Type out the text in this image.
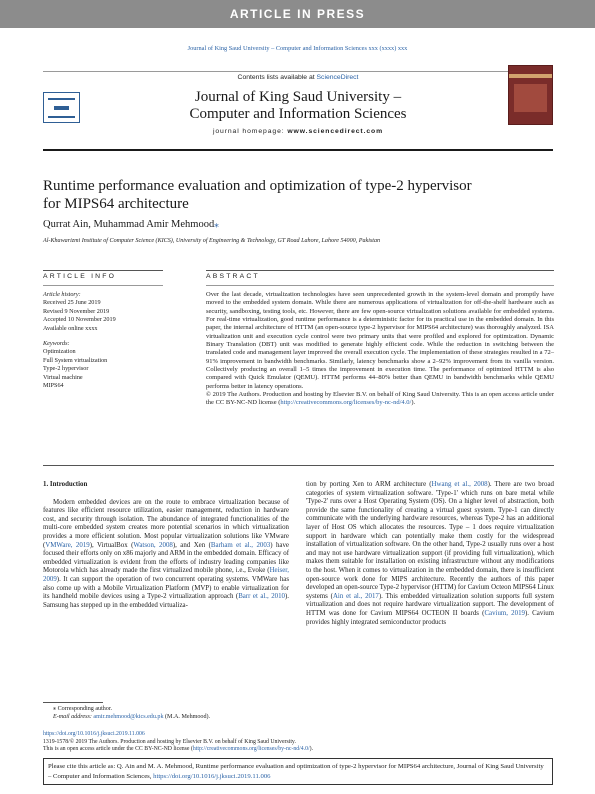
ARTICLE IN PRESS
Journal of King Saud University – Computer and Information Sciences xxx (xxxx) xxx
Contents lists available at ScienceDirect
Journal of King Saud University –
Computer and Information Sciences
journal homepage: www.sciencedirect.com
Runtime performance evaluation and optimization of type-2 hypervisor
for MIPS64 architecture
Qurrat Ain, Muhammad Amir Mehmood⁎
Al-Khawarizmi Institute of Computer Science (KICS), University of Engineering & Technology, GT Road Lahore, Lahore 54000, Pakistan
ARTICLE INFO	ABSTRACT
Article history:
Received 25 June 2019
Revised 9 November 2019
Accepted 10 November 2019
Available online xxxx
Keywords:
Optimization
Full System virtualization
Type-2 hypervisor
Virtual machine
MIPS64
Over the last decade, virtualization technologies have seen unprecedented growth in the system-level domain and promptly have moved to the embedded system domain. While there are numerous applications of virtualization for off-the-shelf hardware such as security, sandboxing, testing tools, etc. However, there are few open-source virtualization solutions available for embedded systems. For real-time virtualization, good runtime performance is a deterministic factor for its practical use in the embedded domain. In this paper, the internal architecture of HTTM (an open-source type-2 hypervisor for MIPS64 architecture) was thoroughly analyzed. ISA virtualization unit and execution cycle control were two primary units that were profiled and explored for optimization. Dynamic Binary Translation (DBT) unit was modified to generate highly efficient code. While the reduction in switching between the translated code and management layer improved the overall execution cycle. The implementation of these strategies resulted in a 72–91% improvement in bandwidth benchmarks. Similarly, latency benchmarks show a 2–92% improvement from its vanilla version. Collectively producing an overall 1–5 times the improvement in execution time. The performance of optimized HTTM is also compared with Quick Emulator (QEMU). HTTM performs 44–80% better than QEMU in bandwidth benchmarks while QEMU performs better in latency operations.
© 2019 The Authors. Production and hosting by Elsevier B.V. on behalf of King Saud University. This is an open access article under the CC BY-NC-ND license (http://creativecommons.org/licenses/by-nc-nd/4.0/).
1. Introduction

Modern embedded devices are on the route to embrace virtualization because of features like efficient resource utilization, easier management, reduction in hardware cost, and security through isolation. The abundance of integrated functionalities of the multi-core embedded system creates more potential scenarios in which virtualization provides a more efficient solution. Most popular virtualization solutions like VMware (VMWare, 2019), VirtualBox (Watson, 2008), and Xen (Barham et al., 2003) have focused their efforts only on x86 majorly and ARM in the embedded domain. Efficacy of embedded virtualization is evident from the efforts of industry leading companies like Motorola which has already made the first virtualized mobile phone, i.e., Evoke (Heiser, 2009). It can support the operation of two concurrent operating systems. VMWare has also come up with a Mobile Virtualization Platform (MVP) to enable virtualization for its handheld mobile devices using a Type-2 virtualization approach (Barr et al., 2010). Samsung has stepped up in the embedded virtualiza-

tion by porting Xen to ARM architecture (Hwang et al., 2008). There are two broad categories of system virtualization software. 'Type-1' which runs on bare metal while 'Type-2' runs over a Host Operating System (OS). On a higher level of abstraction, both provide the same functionality of creating a virtual guest system. Type-1 can directly communicate with the underlying hardware resources, whereas Type-2 has an additional layer of Host OS which allocates the resources. Type – 1 does require virtualization support in hardware which can potentially make them costly for the widespread installation of virtualization software. On the other hand, Type-2 usually runs over a host and may not use hardware virtualization support (if providing full virtualization), which makes them suitable for installation on existing infrastructure without any modifications to the host. When it comes to virtualization in the embedded domain, there is insufficient open-source work done for MIPS architecture. Recently the authors of this paper developed an open-source Type-2 hypervisor (HTTM) for Cavium Octeon MIPS64 Linux systems (Ain et al., 2017). This embedded virtualization solution supports full system virtualization and does not require hardware virtualization support. The development of HTTM was done for Cavium MIPS64 OCTEON II boards (Cavium, 2019). Cavium provides highly integrated semiconductor products

⁎ Corresponding author.
E-mail address: amir.mehmood@kics.edu.pk (M.A. Mehmood).
https://doi.org/10.1016/j.jksuci.2019.11.006
1319-1578/© 2019 The Authors. Production and hosting by Elsevier B.V. on behalf of King Saud University.
This is an open access article under the CC BY-NC-ND license (http://creativecommons.org/licenses/by-nc-nd/4.0/).
Please cite this article as: Q. Ain and M. A. Mehmood, Runtime performance evaluation and optimization of type-2 hypervisor for MIPS64 architecture, Journal of King Saud University – Computer and Information Sciences, https://doi.org/10.1016/j.jksuci.2019.11.006
